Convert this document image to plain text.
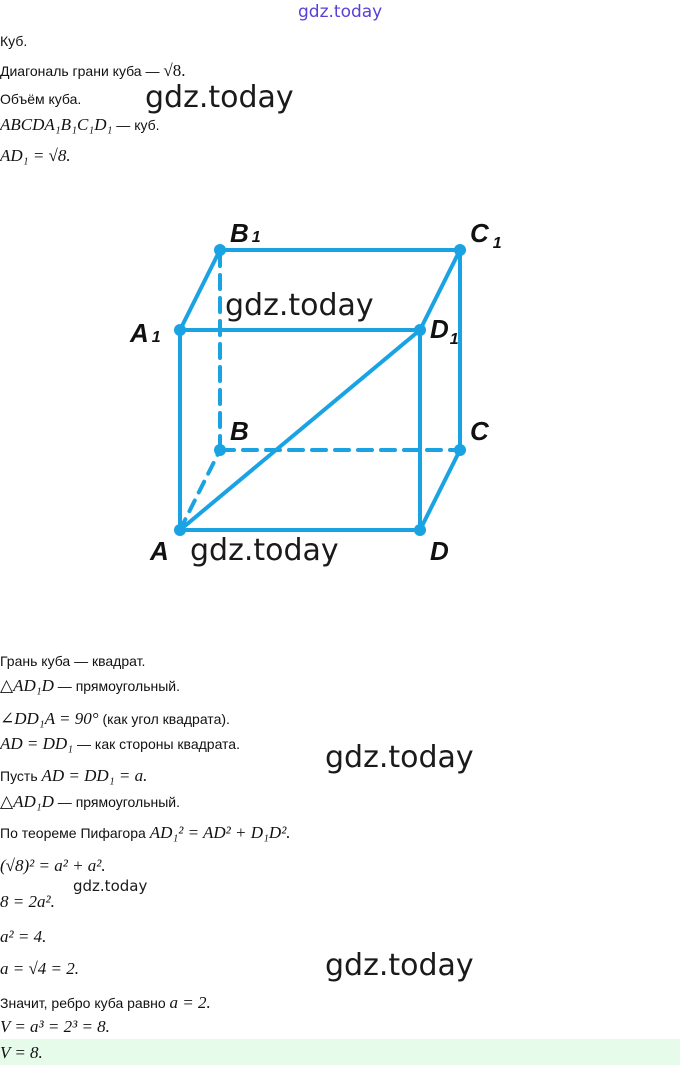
gdz.today
Куб.
Диагональ грани куба — √8.
Объём куба.
ABCDA₁B₁C₁D₁ — куб.
AD₁ = √8.
gdz.today
A
B	C
D
A 1
B 1	C $_1$
$D_1$
gdz.today
gdz.today
Грань куба — квадрат.
△AD₁D — прямоугольный.
∠DD₁A = 90° (как угол квадрата).
AD = DD₁ — как стороны квадрата.
Пусть AD = DD₁ = a.
△AD₁D — прямоугольный.
По теореме Пифагора AD₁² = AD² + D₁D².
(√8)² = a² + a².
8 = 2a².
a² = 4.
a = √4 = 2.
Значит, ребро куба равно a = 2.
V = a³ = 2³ = 8.
V = 8.
gdz.today
gdz.today
gdz.today
